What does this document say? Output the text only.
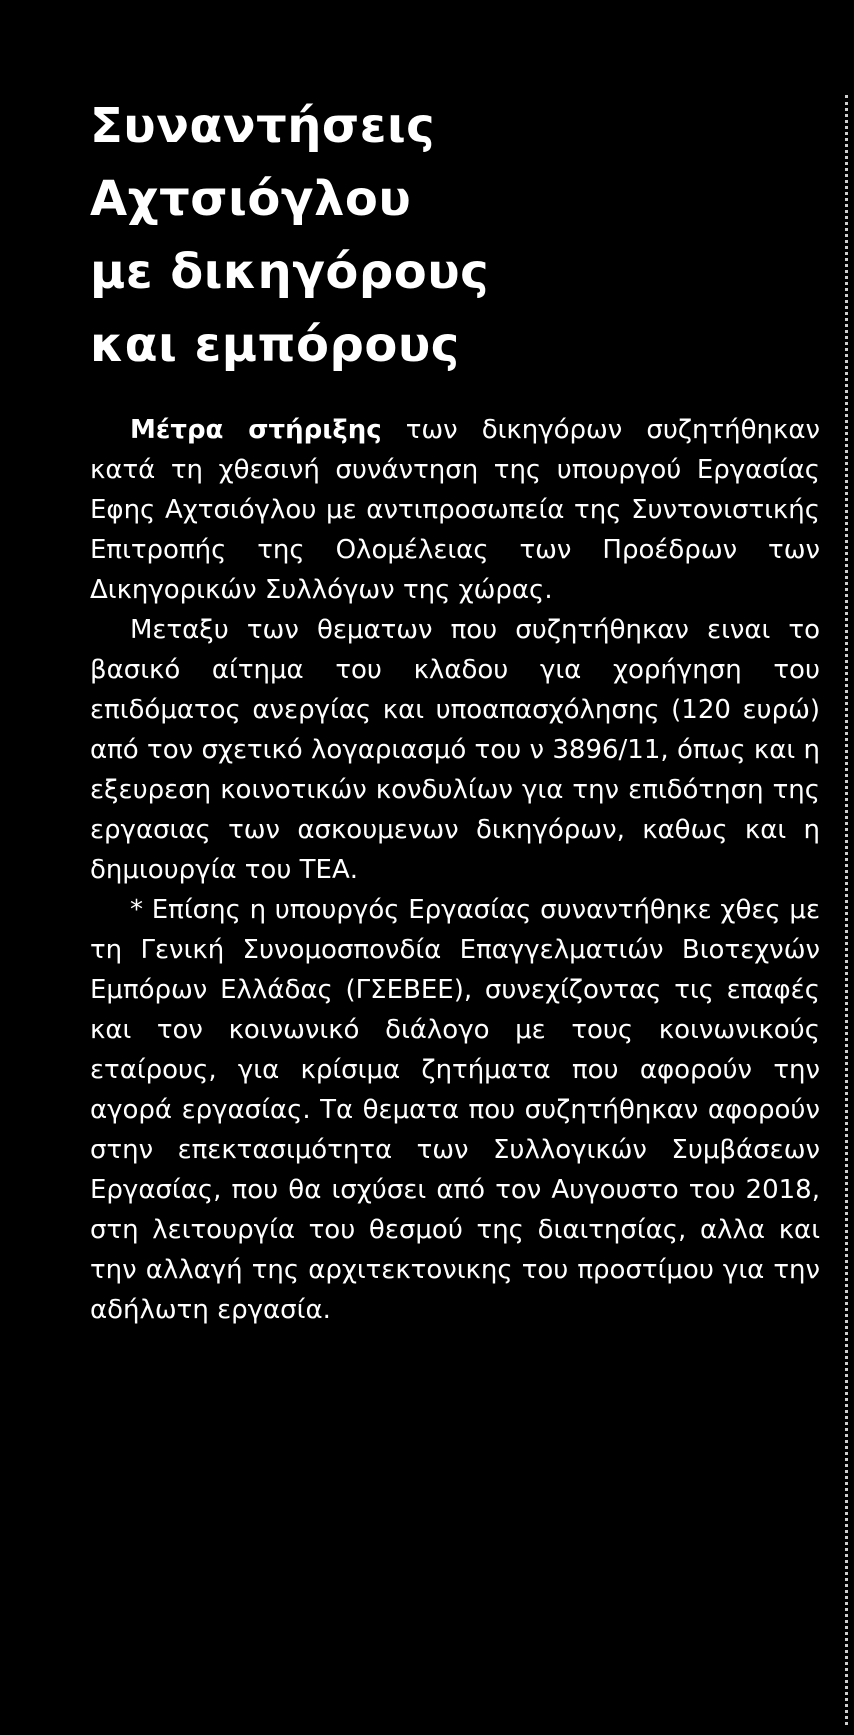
Συναντήσεις
Αχτσιόγλου
με δικηγόρους
και εμπόρους

Μέτρα στήριξης των δικηγόρων συζητήθηκαν κατά τη χθεσινή συνάντηση της υπουργού Εργασίας Εφης Αχτσιόγλου με αντιπροσωπεία της Συντονιστικής Επιτροπής της Ολομέλειας των Προέδρων των Δικηγορικών Συλλόγων της χώρας.

Μεταξυ των θεματων που συζητήθηκαν ειναι το βασικό αίτημα του κλαδου για χορήγηση του επιδόματος ανεργίας και υποαπασχόλησης (120 ευρώ) από τον σχετικό λογαριασμό του ν 3896/11, όπως και η εξευρεση κοινοτικών κονδυλίων για την επιδότηση της εργασιας των ασκουμενων δικηγόρων, καθως και η δημιουργία του ΤΕΑ.

* Επίσης η υπουργός Εργασίας συναντήθηκε χθες με τη Γενική Συνομοσπονδία Επαγγελματιών Βιοτεχνών Εμπόρων Ελλάδας (ΓΣΕΒΕΕ), συνεχίζοντας τις επαφές και τον κοινωνικό διάλογο με τους κοινωνικούς εταίρους, για κρίσιμα ζητήματα που αφορούν την αγορά εργασίας. Τα θεματα που συζητήθηκαν αφορούν στην επεκτασιμότητα των Συλλογικών Συμβάσεων Εργασίας, που θα ισχύσει από τον Αυγουστο του 2018, στη λειτουργία του θεσμού της διαιτησίας, αλλα και την αλλαγή της αρχιτεκτονικης του προστίμου για την αδήλωτη εργασία.
